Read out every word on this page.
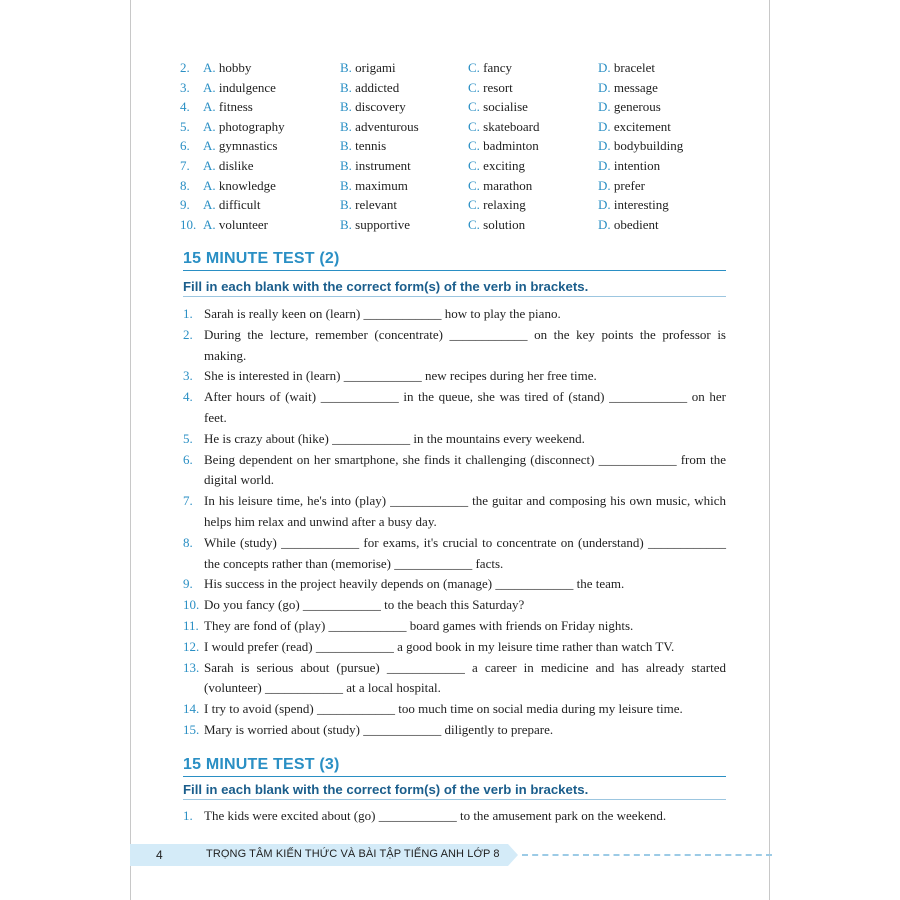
2.	A. hobby	B. origami	C. fancy	D. bracelet
3.	A. indulgence	B. addicted	C. resort	D. message
4.	A. fitness	B. discovery	C. socialise	D. generous
5.	A. photography	B. adventurous	C. skateboard	D. excitement
6.	A. gymnastics	B. tennis	C. badminton	D. bodybuilding
7.	A. dislike	B. instrument	C. exciting	D. intention
8.	A. knowledge	B. maximum	C. marathon	D. prefer
9.	A. difficult	B. relevant	C. relaxing	D. interesting
10. A. volunteer	B. supportive	C. solution	D. obedient
15 MINUTE TEST (2)
Fill in each blank with the correct form(s) of the verb in brackets.
1. Sarah is really keen on (learn) ____________ how to play the piano.
2. During the lecture, remember (concentrate) ____________ on the key points the professor is making.
3. She is interested in (learn) ____________ new recipes during her free time.
4. After hours of (wait) ____________ in the queue, she was tired of (stand) ____________ on her feet.
5. He is crazy about (hike) ____________ in the mountains every weekend.
6. Being dependent on her smartphone, she finds it challenging (disconnect) ____________ from the digital world.
7. In his leisure time, he's into (play) ____________ the guitar and composing his own music, which helps him relax and unwind after a busy day.
8. While (study) ____________ for exams, it's crucial to concentrate on (understand) ____________ the concepts rather than (memorise) ____________ facts.
9. His success in the project heavily depends on (manage) ____________ the team.
10. Do you fancy (go) ____________ to the beach this Saturday?
11. They are fond of (play) ____________ board games with friends on Friday nights.
12. I would prefer (read) ____________ a good book in my leisure time rather than watch TV.
13. Sarah is serious about (pursue) ____________ a career in medicine and has already started (volunteer) ____________ at a local hospital.
14. I try to avoid (spend) ____________ too much time on social media during my leisure time.
15. Mary is worried about (study) ____________ diligently to prepare.
15 MINUTE TEST (3)
Fill in each blank with the correct form(s) of the verb in brackets.
1. The kids were excited about (go) ____________ to the amusement park on the weekend.
4	TRỌNG TÂM KIẾN THỨC VÀ BÀI TẬP TIẾNG ANH LỚP 8
